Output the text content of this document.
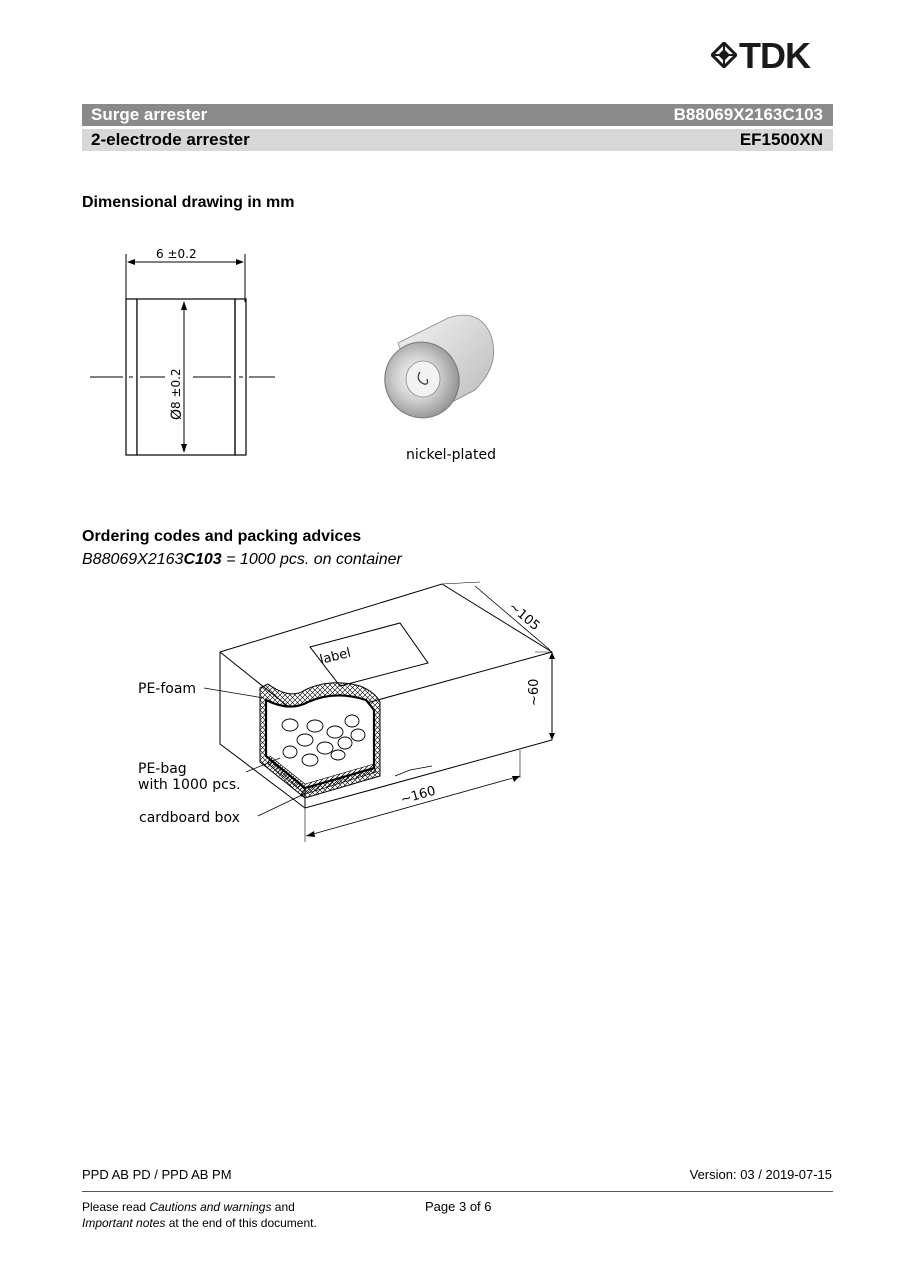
TDK
Surge arrester	B88069X2163C103
2-electrode arrester	EF1500XN
Dimensional drawing in mm
6 ±0.2
Ø
8 ±0.2
nickel-plated
Ordering codes and packing advices
B88069X2163C103 = 1000 pcs. on container
label
~60
~105
~160
PE-foam
PE-bag
with 1000 pcs.
cardboard box
PPD AB PD / PPD AB PM	Version: 03 / 2019-07-15
Please read Cautions and warnings and
Important notes at the end of this document.
Page 3 of 6
